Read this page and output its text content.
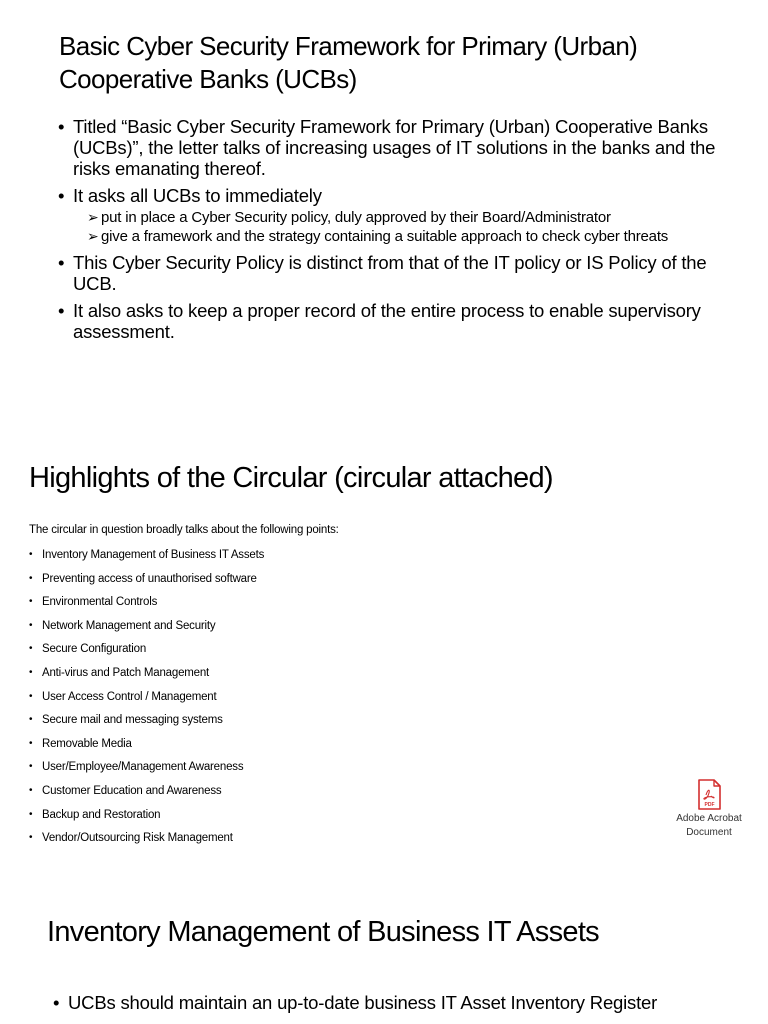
Basic Cyber Security Framework for Primary (Urban) Cooperative Banks (UCBs)
• Titled “Basic Cyber Security Framework for Primary (Urban) Cooperative Banks (UCBs)”, the letter talks of increasing usages of IT solutions in the banks and the risks emanating thereof.
• It asks all UCBs to immediately
➢ put in place a Cyber Security policy, duly approved by their Board/Administrator
➢ give a framework and the strategy containing a suitable approach to check cyber threats
• This Cyber Security Policy is distinct from that of the IT policy or IS Policy of the UCB.
• It also asks to keep a proper record of the entire process to enable supervisory assessment.
Highlights of the Circular (circular attached)

The circular in question broadly talks about the following points:

• Inventory Management of Business IT Assets
• Preventing access of unauthorised software
• Environmental Controls
• Network Management and Security
• Secure Configuration
• Anti-virus and Patch Management
• User Access Control / Management
• Secure mail and messaging systems
• Removable Media
• User/Employee/Management Awareness
• Customer Education and Awareness
• Backup and Restoration
• Vendor/Outsourcing Risk Management
PDF
Adobe Acrobat
Document
Inventory Management of Business IT Assets
• UCBs should maintain an up-to-date business IT Asset Inventory Register
